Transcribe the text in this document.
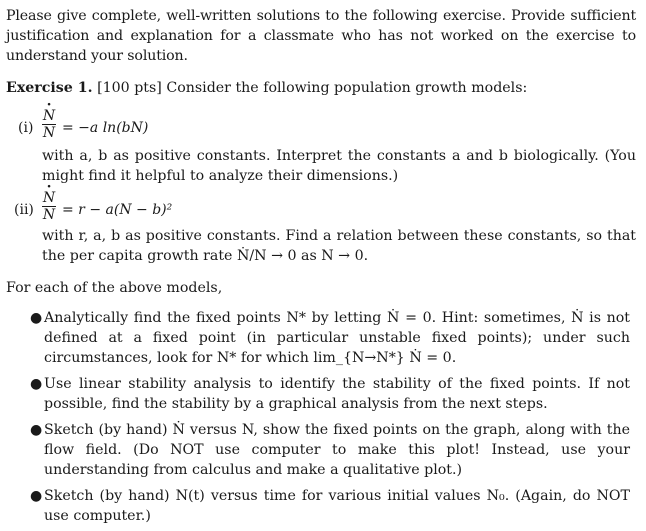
Please give complete, well-written solutions to the following exercise. Provide sufficient justification and explanation for a classmate who has not worked on the exercise to understand your solution.
Exercise 1. [100 pts] Consider the following population growth models:
(i)
· N
N = −a ln(bN)
with a, b as positive constants. Interpret the constants a and b biologically. (You might find it helpful to analyze their dimensions.)
(ii)
· N
N = r − a(N − b)²
with r, a, b as positive constants. Find a relation between these constants, so that the per capita growth rate Ṅ/N → 0 as N → 0.
For each of the above models,
● Analytically find the fixed points N* by letting Ṅ = 0. Hint: sometimes, Ṅ is not defined at a fixed point (in particular unstable fixed points); under such circumstances, look for N* for which lim_{N→N*} Ṅ = 0.
● Use linear stability analysis to identify the stability of the fixed points. If not possible, find the stability by a graphical analysis from the next steps.
● Sketch (by hand) Ṅ versus N, show the fixed points on the graph, along with the flow field. (Do NOT use computer to make this plot! Instead, use your understanding from calculus and make a qualitative plot.)
● Sketch (by hand) N(t) versus time for various initial values N₀. (Again, do NOT use computer.)
